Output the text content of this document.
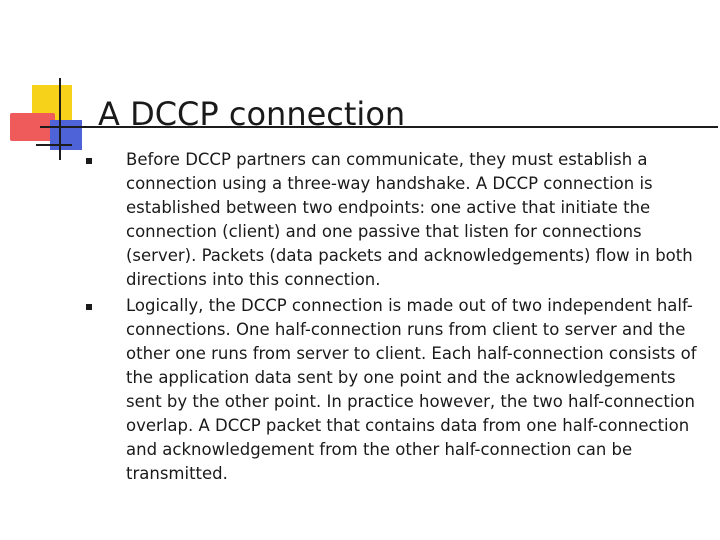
A DCCP connection
Before DCCP partners can communicate, they must establish a connection using a three-way handshake. A DCCP connection is established between two endpoints: one active that initiate the connection (client) and one passive that listen for connections (server). Packets (data packets and acknowledgements) flow in both directions into this connection.
Logically, the DCCP connection is made out of two independent half-connections. One half-connection runs from client to server and the other one runs from server to client. Each half-connection consists of the application data sent by one point and the acknowledgements sent by the other point. In practice however, the two half-connection overlap. A DCCP packet that contains data from one half-connection and acknowledgement from the other half-connection can be transmitted.
